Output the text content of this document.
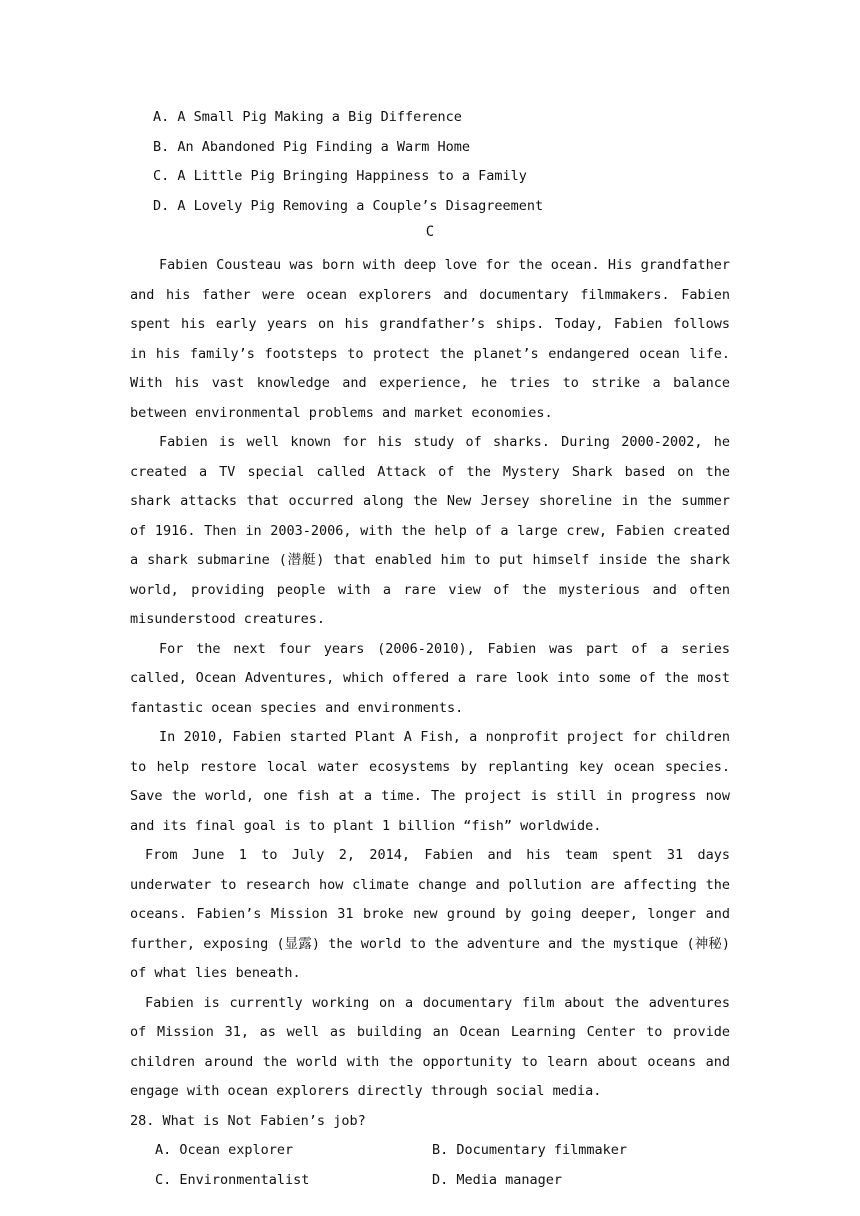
A. A Small Pig Making a Big Difference
B. An Abandoned Pig Finding a Warm Home
C. A Little Pig Bringing Happiness to a Family
D. A Lovely Pig Removing a Couple’s Disagreement
C

Fabien Cousteau was born with deep love for the ocean. His grandfather and his father were ocean explorers and documentary filmmakers. Fabien spent his early years on his grandfather’s ships. Today, Fabien follows in his family’s footsteps to protect the planet’s endangered ocean life. With his vast knowledge and experience, he tries to strike a balance between environmental problems and market economies.

Fabien is well known for his study of sharks. During 2000-2002, he created a TV special called Attack of the Mystery Shark based on the shark attacks that occurred along the New Jersey shoreline in the summer of 1916. Then in 2003-2006, with the help of a large crew, Fabien created a shark submarine (潜艇) that enabled him to put himself inside the shark world, providing people with a rare view of the mysterious and often misunderstood creatures.

For the next four years (2006-2010), Fabien was part of a series called, Ocean Adventures, which offered a rare look into some of the most fantastic ocean species and environments.

In 2010, Fabien started Plant A Fish, a nonprofit project for children to help restore local water ecosystems by replanting key ocean species. Save the world, one fish at a time. The project is still in progress now and its final goal is to plant 1 billion “fish” worldwide.

From June 1 to July 2, 2014, Fabien and his team spent 31 days underwater to research how climate change and pollution are affecting the oceans. Fabien’s Mission 31 broke new ground by going deeper, longer and further, exposing (显露) the world to the adventure and the mystique (神秘) of what lies beneath.

Fabien is currently working on a documentary film about the adventures of Mission 31, as well as building an Ocean Learning Center to provide children around the world with the opportunity to learn about oceans and engage with ocean explorers directly through social media.

28. What is Not Fabien’s job?

A. Ocean explorer	B. Documentary filmmaker
C. Environmentalist	D. Media manager
